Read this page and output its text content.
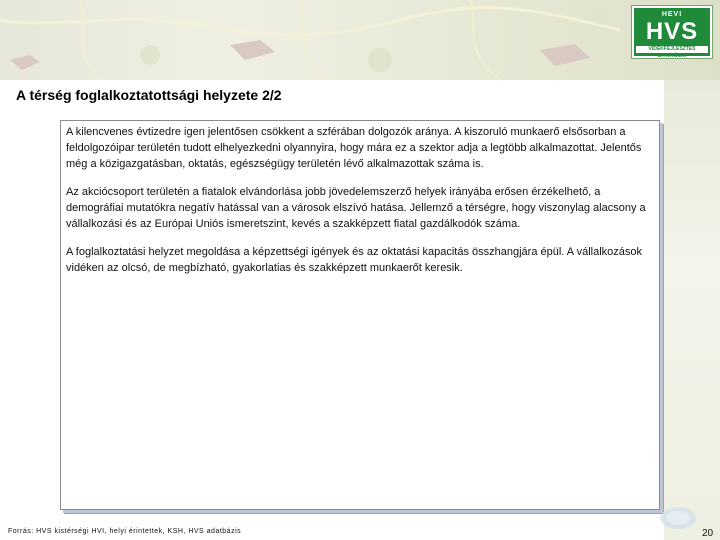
HEVI
HVS
VIDÉKFEJLESZTÉS STRATÉGIA
A térség foglalkoztatottsági helyzete 2/2

A kilencvenes évtizedre igen jelentősen csökkent a szférában dolgozók aránya. A kiszoruló munkaerő elsősorban a feldolgozóipar területén tudott elhelyezkedni olyannyira, hogy mára ez a szektor adja a legtöbb alkalmazottat. Jelentős még a közigazgatásban, oktatás, egészségügy területén lévő alkalmazottak száma is.

Az akciócsoport területén a fiatalok elvándorlása jobb jövedelemszerző helyek irányába erősen érzékelhető, a demográfiai mutatókra negatív hatással van a városok elszívó hatása. Jellemző a térségre, hogy viszonylag alacsony a vállalkozási és az Európai Uniós ismeretszint, kevés a szakképzett fiatal gazdálkodók száma.

A foglalkoztatási helyzet megoldása a képzettségi igények és az oktatási kapacitás összhangjára épül. A vállalkozások vidéken az olcsó, de megbízható, gyakorlatias és szakképzett munkaerőt keresik.

Forrás: HVS kistérségi HVI, helyi érintettek, KSH, HVS adatbázis	20
